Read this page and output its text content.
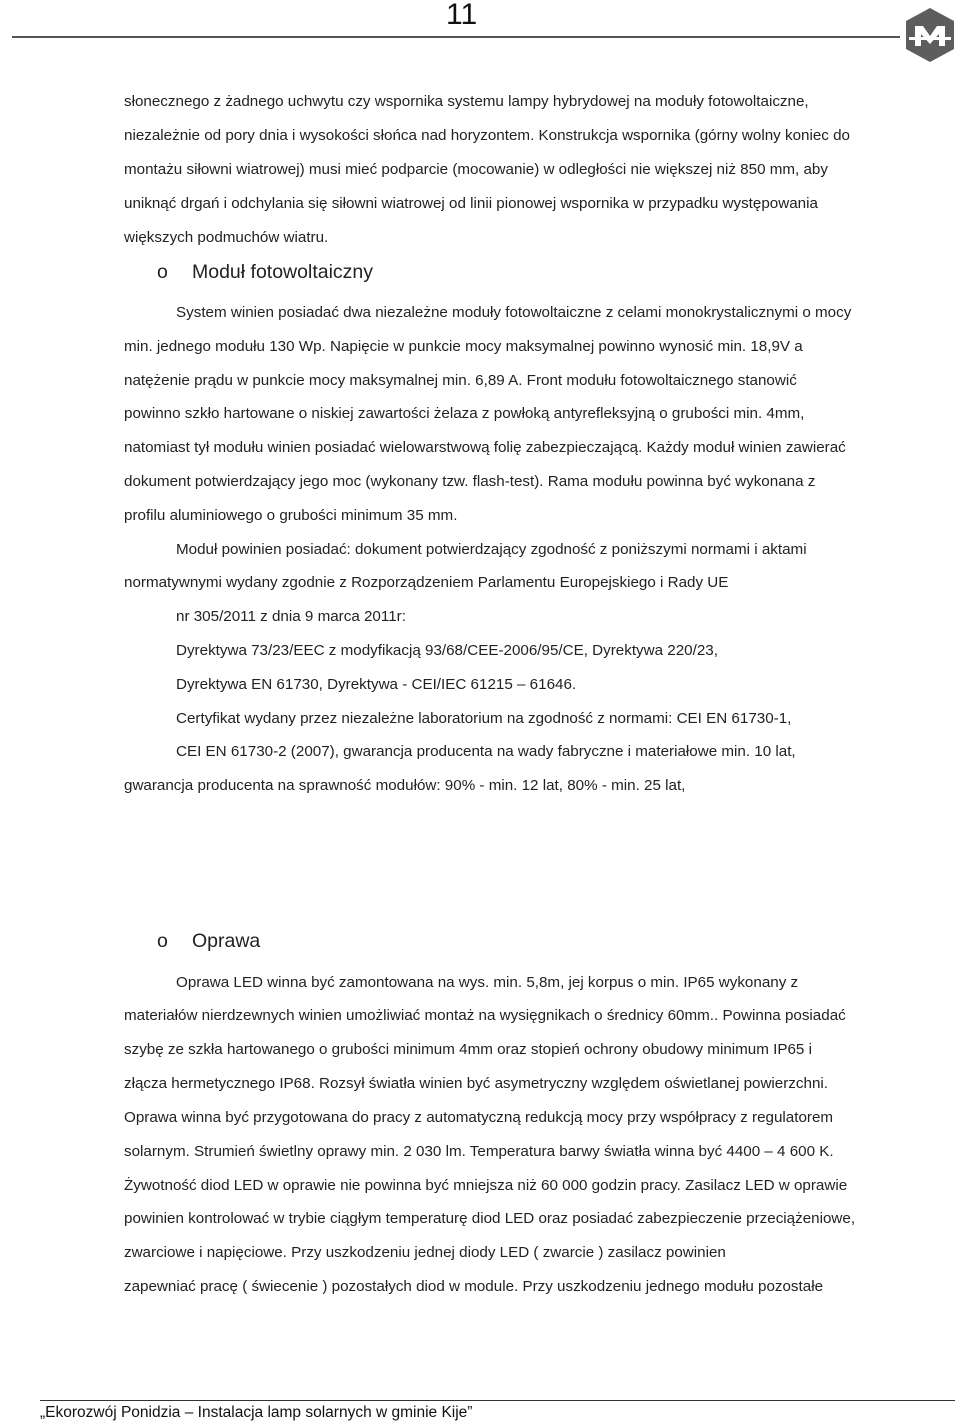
11
słonecznego z żadnego uchwytu czy wspornika systemu lampy hybrydowej na moduły fotowoltaiczne,
niezależnie od pory dnia i wysokości słońca nad horyzontem. Konstrukcja wspornika (górny wolny koniec do
montażu siłowni wiatrowej) musi mieć podparcie (mocowanie) w odległości nie większej niż 850 mm, aby
uniknąć drgań i odchylania się siłowni wiatrowej od linii pionowej wspornika w przypadku występowania
większych podmuchów wiatru.
o Moduł fotowoltaiczny
System winien posiadać dwa niezależne moduły fotowoltaiczne z celami monokrystalicznymi o mocy
min. jednego modułu 130 Wp. Napięcie w punkcie mocy maksymalnej powinno wynosić min. 18,9V a
natężenie prądu w punkcie mocy maksymalnej min. 6,89 A. Front modułu fotowoltaicznego stanowić
powinno szkło hartowane o niskiej zawartości żelaza z powłoką antyrefleksyjną o grubości min. 4mm,
natomiast tył modułu winien posiadać wielowarstwową folię zabezpieczającą. Każdy moduł winien zawierać
dokument potwierdzający jego moc (wykonany tzw. flash-test). Rama modułu powinna być wykonana z
profilu aluminiowego o grubości minimum 35 mm.
Moduł powinien posiadać: dokument potwierdzający zgodność z poniższymi normami i aktami
normatywnymi wydany zgodnie z Rozporządzeniem Parlamentu Europejskiego i Rady UE
nr 305/2011 z dnia 9 marca 2011r:
Dyrektywa 73/23/EEC z modyfikacją 93/68/CEE-2006/95/CE, Dyrektywa 220/23,
Dyrektywa EN 61730, Dyrektywa - CEI/IEC 61215 – 61646.
Certyfikat wydany przez niezależne laboratorium na zgodność z normami: CEI EN 61730-1,
CEI EN 61730-2 (2007), gwarancja producenta na wady fabryczne i materiałowe min. 10 lat,
gwarancja producenta na sprawność modułów: 90% - min. 12 lat, 80% - min. 25 lat,
o Oprawa
Oprawa LED winna być zamontowana na wys. min. 5,8m, jej korpus o min. IP65 wykonany z
materiałów nierdzewnych winien umożliwiać montaż na wysięgnikach o średnicy 60mm.. Powinna posiadać
szybę ze szkła hartowanego o grubości minimum 4mm oraz stopień ochrony obudowy minimum IP65 i
złącza hermetycznego IP68. Rozsył światła winien być asymetryczny względem oświetlanej powierzchni.
Oprawa winna być przygotowana do pracy z automatyczną redukcją mocy przy współpracy z regulatorem
solarnym. Strumień świetlny oprawy min. 2 030 lm. Temperatura barwy światła winna być 4400 – 4 600 K.
Żywotność diod LED w oprawie nie powinna być mniejsza niż 60 000 godzin pracy. Zasilacz LED w oprawie
powinien kontrolować w trybie ciągłym temperaturę diod LED oraz posiadać zabezpieczenie przeciążeniowe,
zwarciowe i napięciowe. Przy uszkodzeniu jednej diody LED ( zwarcie ) zasilacz powinien
zapewniać pracę ( świecenie ) pozostałych diod w module. Przy uszkodzeniu jednego modułu pozostałe
„Ekorozwój Ponidzia – Instalacja lamp solarnych w gminie Kije”
